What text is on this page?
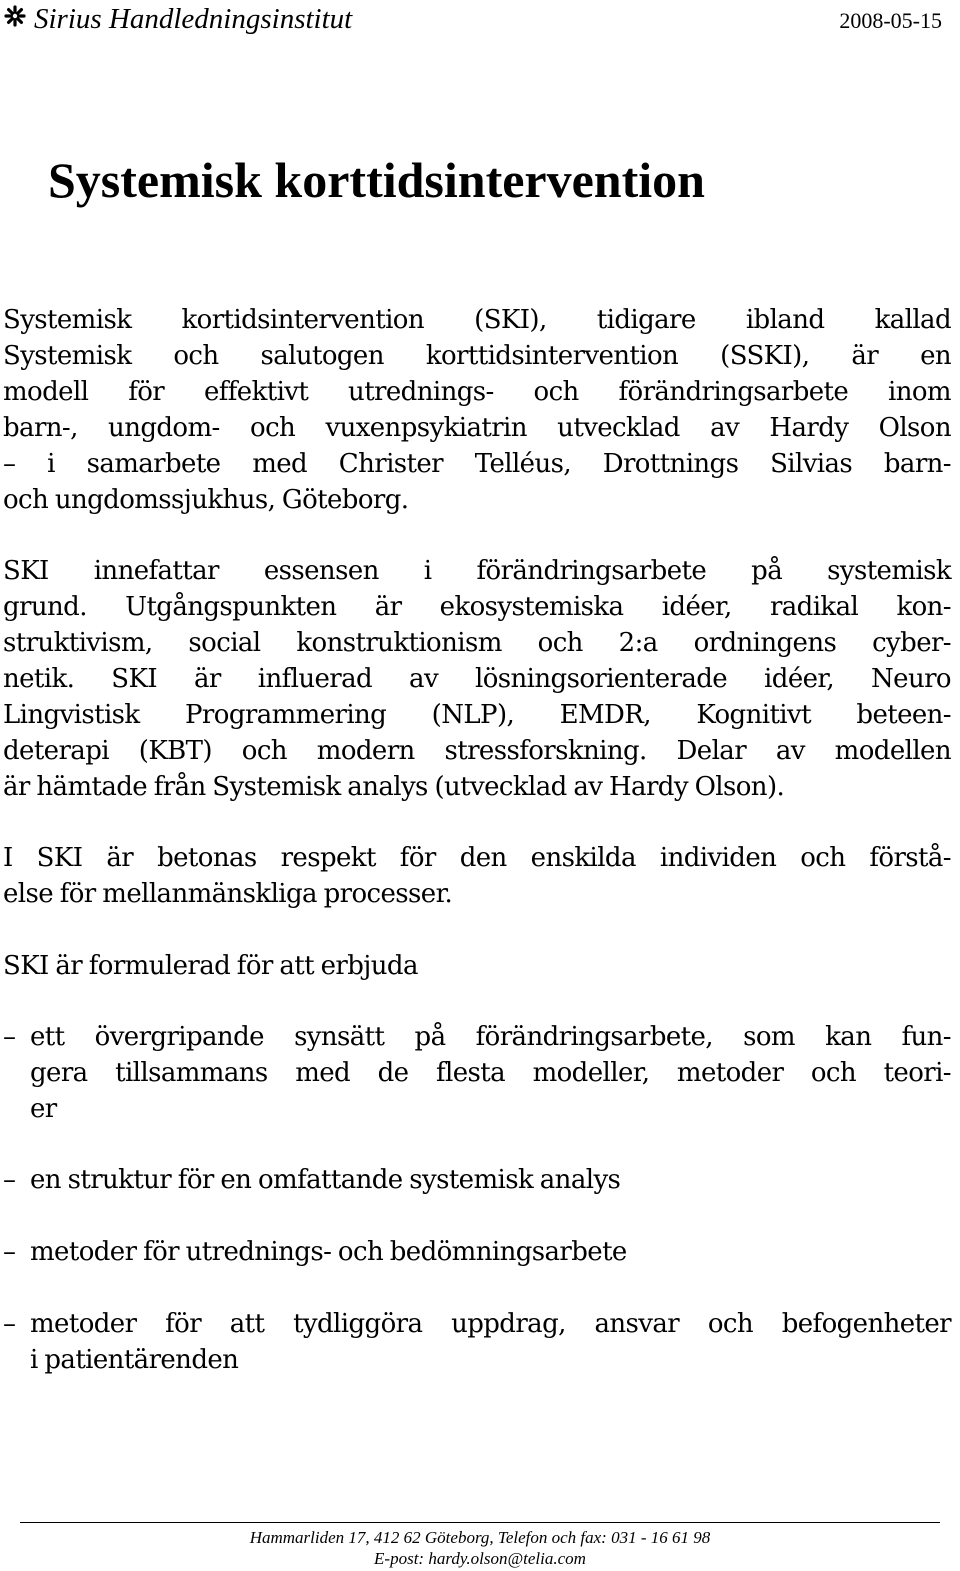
Sirius Handledningsinstitut	2008-05-15
Systemisk korttidsintervention
Systemisk kortidsintervention (SKI), tidigare ibland kallad
Systemisk och salutogen korttidsintervention (SSKI), är en
modell för effektivt utrednings- och förändringsarbete inom
barn-, ungdom- och vuxenpsykiatrin utvecklad av Hardy Olson
– i samarbete med Christer Telléus, Drottnings Silvias barn-
och ungdomssjukhus, Göteborg.
SKI innefattar essensen i förändringsarbete på systemisk
grund. Utgångspunkten är ekosystemiska idéer, radikal kon-
struktivism, social konstruktionism och 2:a ordningens cyber-
netik. SKI är influerad av lösningsorienterade idéer, Neuro
Lingvistisk Programmering (NLP), EMDR, Kognitivt beteen-
deterapi (KBT) och modern stressforskning. Delar av modellen
är hämtade från Systemisk analys (utvecklad av Hardy Olson).
I SKI är betonas respekt för den enskilda individen och förstå-
else för mellanmänskliga processer.
SKI är formulerad för att erbjuda
– ett övergripande synsätt på förändringsarbete, som kan fun-
gera tillsammans med de flesta modeller, metoder och teori-
er
– en struktur för en omfattande systemisk analys
– metoder för utrednings- och bedömningsarbete
– metoder för att tydliggöra uppdrag, ansvar och befogenheter
i patientärenden
Hammarliden 17, 412 62 Göteborg, Telefon och fax: 031 - 16 61 98
E-post: hardy.olson@telia.com
